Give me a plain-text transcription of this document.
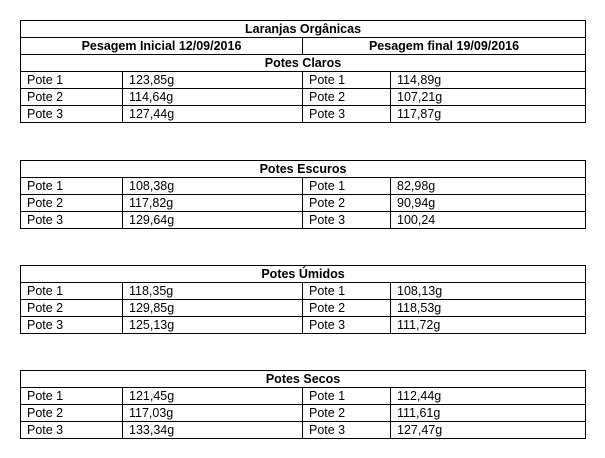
Laranjas Orgânicas			
Pesagem Inicial 12/09/2016		Pesagem final 19/09/2016	
Potes Claros			
Pote 1	123,85g	Pote 1	114,89g
Pote 2	114,64g	Pote 2	107,21g
Pote 3	127,44g	Pote 3	117,87g
Potes Escuros			
Pote 1	108,38g	Pote 1	82,98g
Pote 2	117,82g	Pote 2	90,94g
Pote 3	129,64g	Pote 3	100,24
Potes Úmidos			
Pote 1	118,35g	Pote 1	108,13g
Pote 2	129,85g	Pote 2	118,53g
Pote 3	125,13g	Pote 3	111,72g
Potes Secos			
Pote 1	121,45g	Pote 1	112,44g
Pote 2	117,03g	Pote 2	111,61g
Pote 3	133,34g	Pote 3	127,47g
